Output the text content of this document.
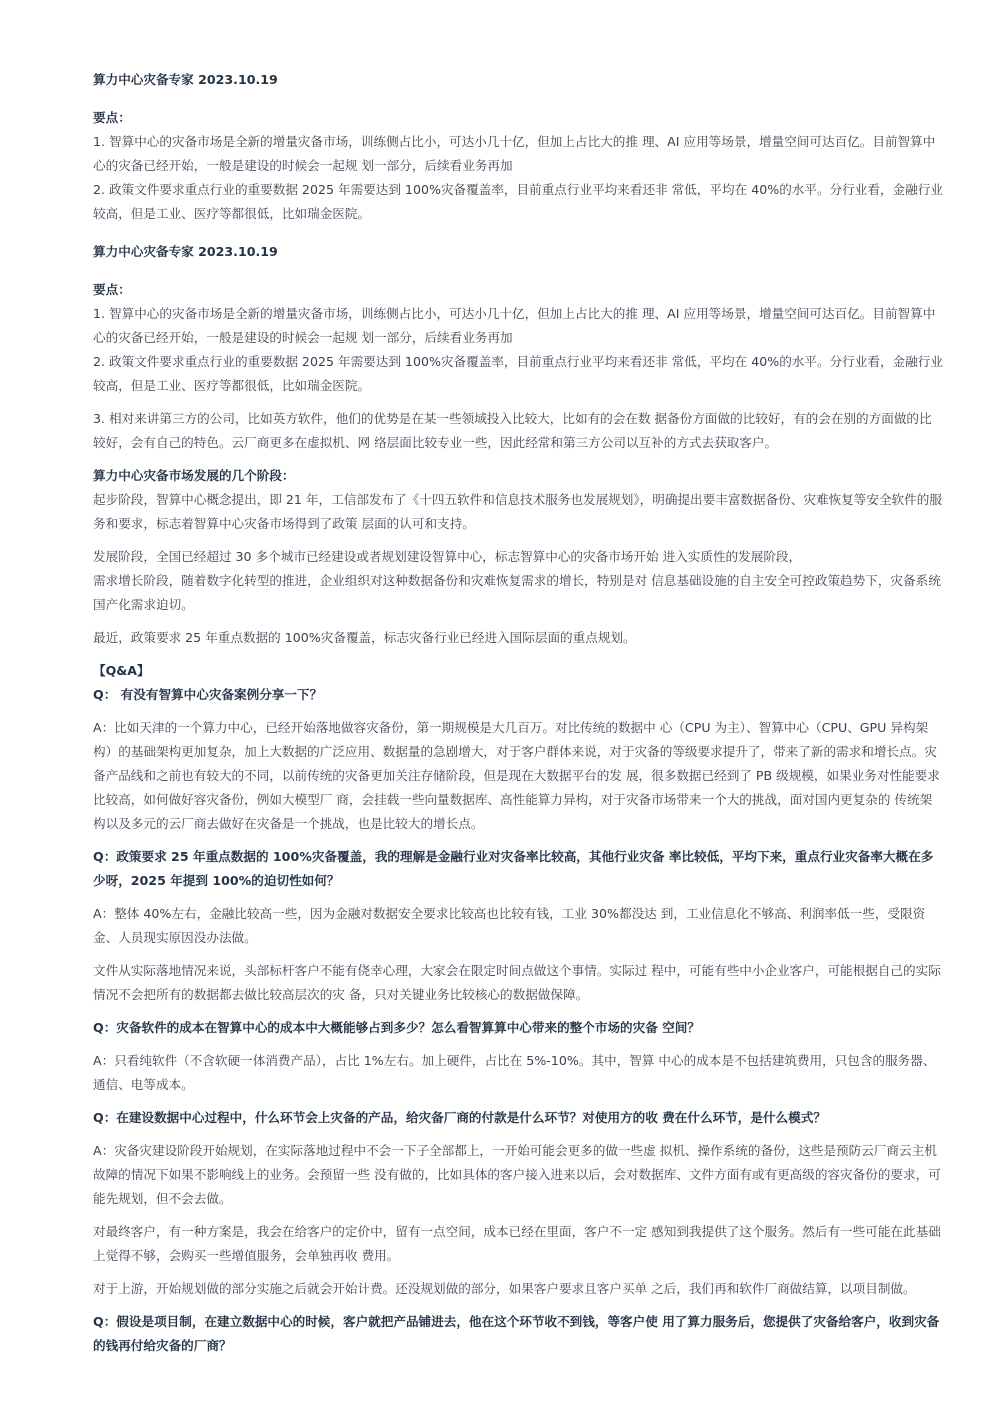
算力中心灾备专家 2023.10.19

要点：

1. 智算中心的灾备市场是全新的增量灾备市场，训练侧占比小，可达小几十亿，但加上占比大的推 理、AI 应用等场景，增量空间可达百亿。目前智算中心的灾备已经开始，一般是建设的时候会一起规 划一部分，后续看业务再加

2. 政策文件要求重点行业的重要数据 2025 年需要达到 100%灾备覆盖率，目前重点行业平均来看还非 常低，平均在 40%的水平。分行业看，金融行业较高，但是工业、医疗等都很低，比如瑞金医院。

算力中心灾备专家 2023.10.19

要点：

1. 智算中心的灾备市场是全新的增量灾备市场，训练侧占比小，可达小几十亿，但加上占比大的推 理、AI 应用等场景，增量空间可达百亿。目前智算中心的灾备已经开始，一般是建设的时候会一起规 划一部分，后续看业务再加

2. 政策文件要求重点行业的重要数据 2025 年需要达到 100%灾备覆盖率，目前重点行业平均来看还非 常低，平均在 40%的水平。分行业看，金融行业较高，但是工业、医疗等都很低，比如瑞金医院。

3. 相对来讲第三方的公司，比如英方软件，他们的优势是在某一些领域投入比较大，比如有的会在数 据备份方面做的比较好，有的会在别的方面做的比较好，会有自己的特色。云厂商更多在虚拟机、网 络层面比较专业一些，因此经常和第三方公司以互补的方式去获取客户。

算力中心灾备市场发展的几个阶段：

起步阶段，智算中心概念提出，即 21 年，工信部发布了《十四五软件和信息技术服务也发展规划》，明确提出要丰富数据备份、灾难恢复等安全软件的服务和要求，标志着智算中心灾备市场得到了政策 层面的认可和支持。

发展阶段，全国已经超过 30 多个城市已经建设或者规划建设智算中心，标志智算中心的灾备市场开始 进入实质性的发展阶段，

需求增长阶段，随着数字化转型的推进，企业组织对这种数据备份和灾难恢复需求的增长，特别是对 信息基础设施的自主安全可控政策趋势下，灾备系统国产化需求迫切。

最近，政策要求 25 年重点数据的 100%灾备覆盖，标志灾备行业已经进入国际层面的重点规划。

【Q&A】

Q： 有没有智算中心灾备案例分享一下？

A：比如天津的一个算力中心，已经开始落地做容灾备份，第一期规模是大几百万。对比传统的数据中 心（CPU 为主）、智算中心（CPU、GPU 异构架构）的基础架构更加复杂，加上大数据的广泛应用、数据量的急剧增大，对于客户群体来说，对于灾备的等级要求提升了，带来了新的需求和增长点。灾备产品线和之前也有较大的不同，以前传统的灾备更加关注存储阶段，但是现在大数据平台的发 展，很多数据已经到了 PB 级规模，如果业务对性能要求比较高，如何做好容灾备份，例如大模型厂 商，会挂载一些向量数据库、高性能算力异构，对于灾备市场带来一个大的挑战，面对国内更复杂的 传统架构以及多元的云厂商去做好在灾备是一个挑战，也是比较大的增长点。

Q：政策要求 25 年重点数据的 100%灾备覆盖，我的理解是金融行业对灾备率比较高，其他行业灾备 率比较低，平均下来，重点行业灾备率大概在多少呀，2025 年提到 100%的迫切性如何？

A：整体 40%左右，金融比较高一些，因为金融对数据安全要求比较高也比较有钱，工业 30%都没达 到，工业信息化不够高、利润率低一些，受限资金、人员现实原因没办法做。

文件从实际落地情况来说，头部标杆客户不能有侥幸心理，大家会在限定时间点做这个事情。实际过 程中，可能有些中小企业客户，可能根据自己的实际情况不会把所有的数据都去做比较高层次的灾 备，只对关键业务比较核心的数据做保障。

Q：灾备软件的成本在智算中心的成本中大概能够占到多少？怎么看智算算中心带来的整个市场的灾备 空间？

A：只看纯软件（不含软硬一体消费产品），占比 1%左右。加上硬件，占比在 5%-10%。其中，智算 中心的成本是不包括建筑费用，只包含的服务器、通信、电等成本。

Q：在建设数据中心过程中，什么环节会上灾备的产品，给灾备厂商的付款是什么环节？对使用方的收 费在什么环节，是什么模式？

A：灾备灾建设阶段开始规划，在实际落地过程中不会一下子全部都上，一开始可能会更多的做一些虚 拟机、操作系统的备份，这些是预防云厂商云主机故障的情况下如果不影响线上的业务。会预留一些 没有做的，比如具体的客户接入进来以后，会对数据库、文件方面有或有更高级的容灾备份的要求，可能先规划，但不会去做。

对最终客户，有一种方案是，我会在给客户的定价中，留有一点空间，成本已经在里面，客户不一定 感知到我提供了这个服务。然后有一些可能在此基础上觉得不够，会购买一些增值服务，会单独再收 费用。

对于上游，开始规划做的部分实施之后就会开始计费。还没规划做的部分，如果客户要求且客户买单 之后，我们再和软件厂商做结算，以项目制做。

Q：假设是项目制，在建立数据中心的时候，客户就把产品铺进去，他在这个环节收不到钱，等客户使 用了算力服务后，您提供了灾备给客户，收到灾备的钱再付给灾备的厂商？
